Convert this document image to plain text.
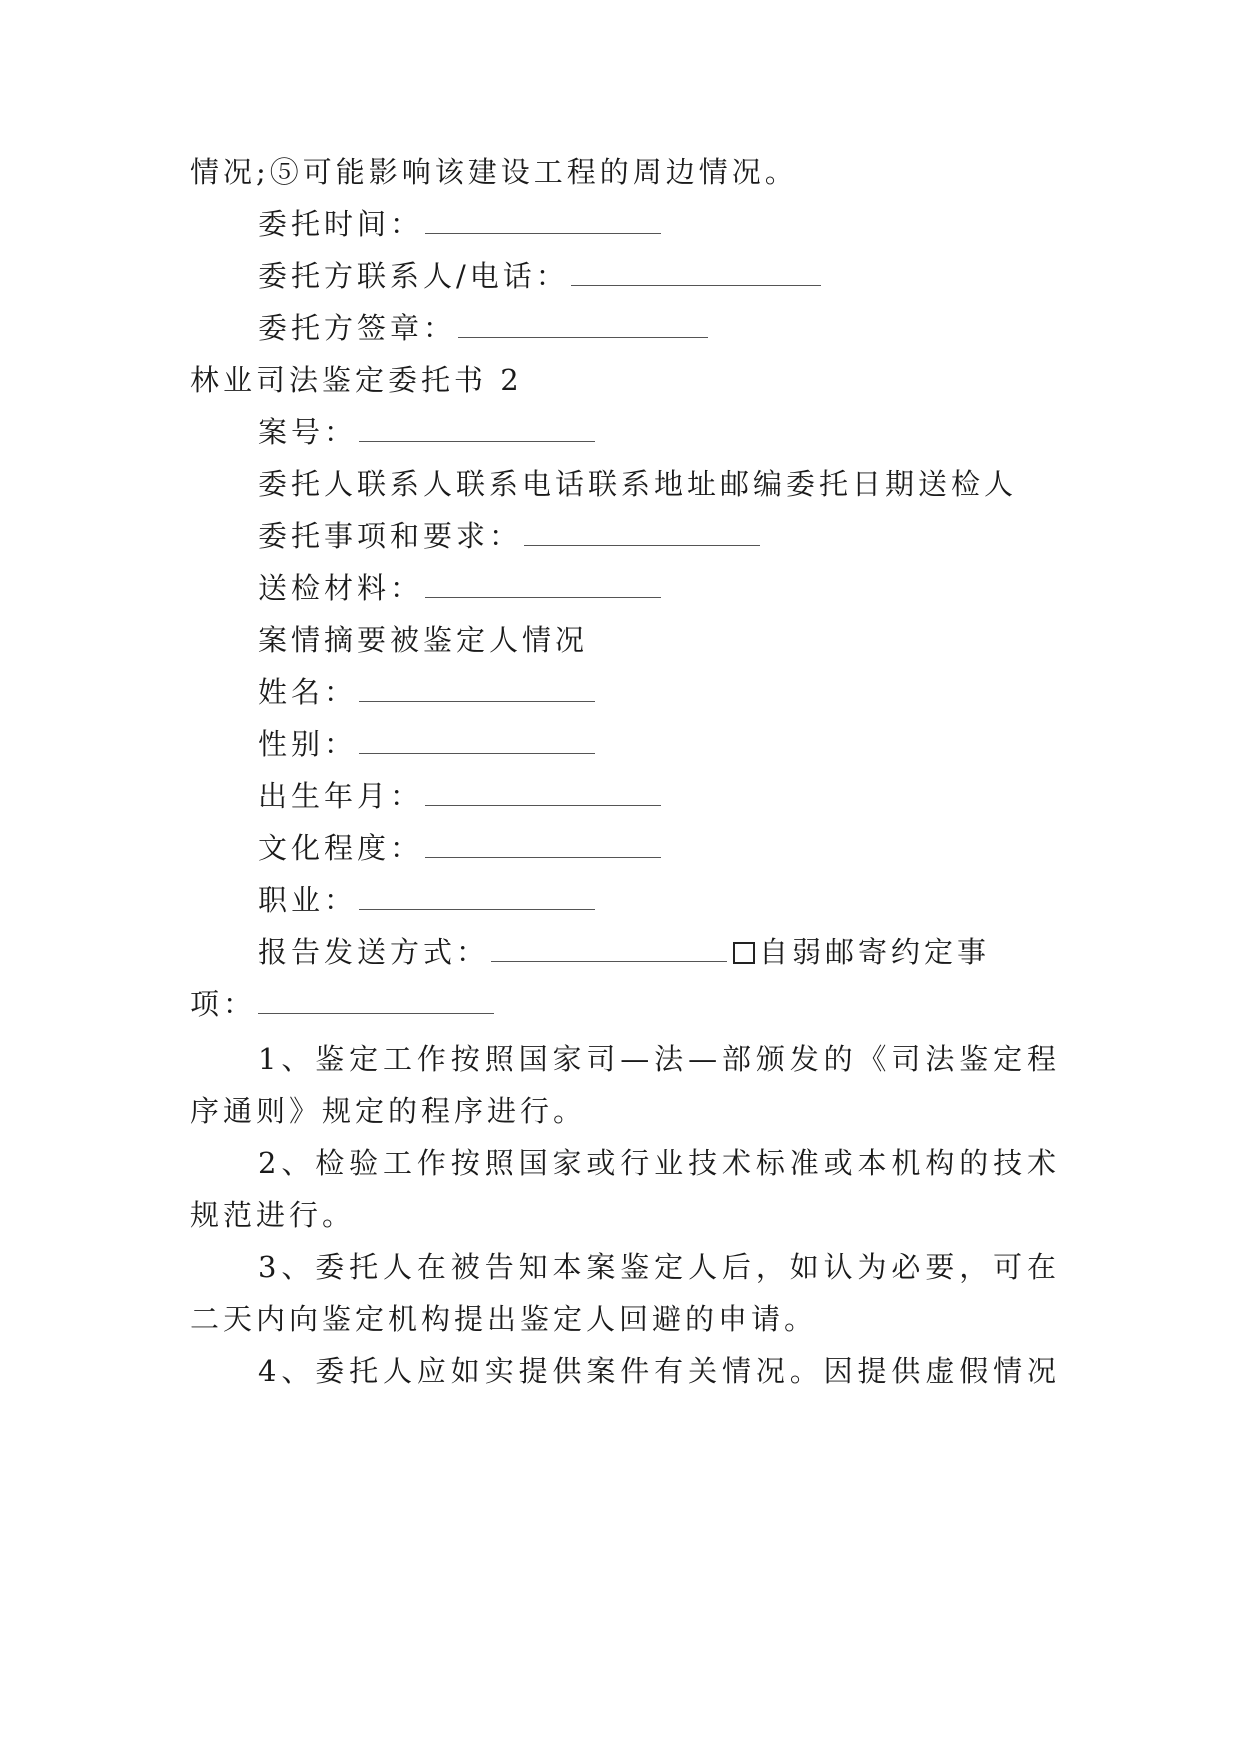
情况;⑤可能影响该建设工程的周边情况。
委托时间：
委托方联系人/电话：
委托方签章：
林业司法鉴定委托书 2
案号：
委托人联系人联系电话联系地址邮编委托日期送检人
委托事项和要求：
送检材料：
案情摘要被鉴定人情况
姓名：
性别：
出生年月：
文化程度：
职业：
报告发送方式：	自弱邮寄约定事
项：
1、鉴定工作按照国家司—法—部颁发的《司法鉴定程
序通则》规定的程序进行。
2、检验工作按照国家或行业技术标准或本机构的技术
规范进行。
3、委托人在被告知本案鉴定人后，如认为必要，可在
二天内向鉴定机构提出鉴定人回避的申请。
4、委托人应如实提供案件有关情况。因提供虚假情况
